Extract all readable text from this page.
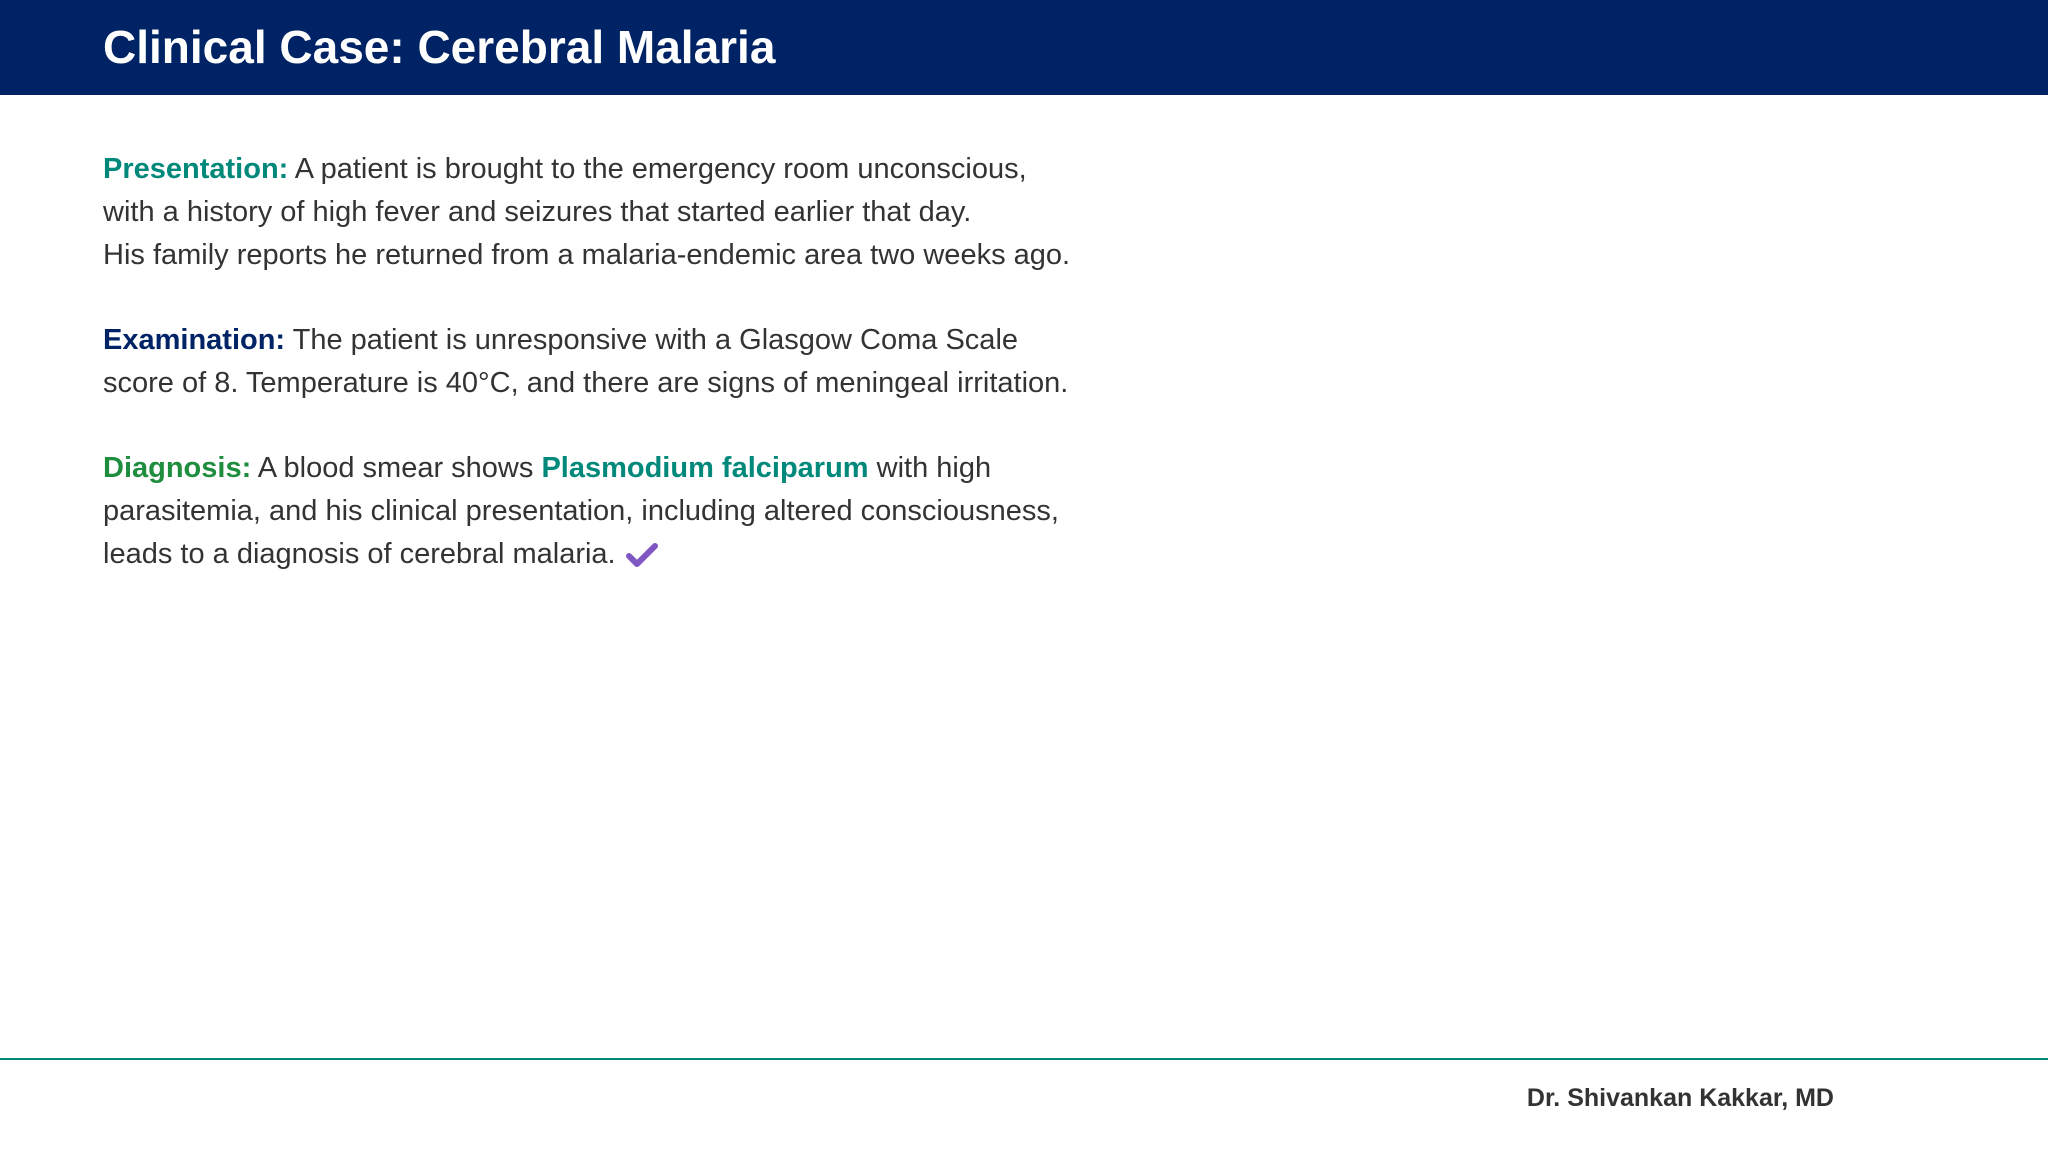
Clinical Case: Cerebral Malaria

Presentation: A patient is brought to the emergency room unconscious,
with a history of high fever and seizures that started earlier that day.
His family reports he returned from a malaria-endemic area two weeks ago.

Examination: The patient is unresponsive with a Glasgow Coma Scale
score of 8. Temperature is 40°C, and there are signs of meningeal irritation.

Diagnosis: A blood smear shows Plasmodium falciparum with high
parasitemia, and his clinical presentation, including altered consciousness,
leads to a diagnosis of cerebral malaria.

Dr. Shivankan Kakkar, MD
